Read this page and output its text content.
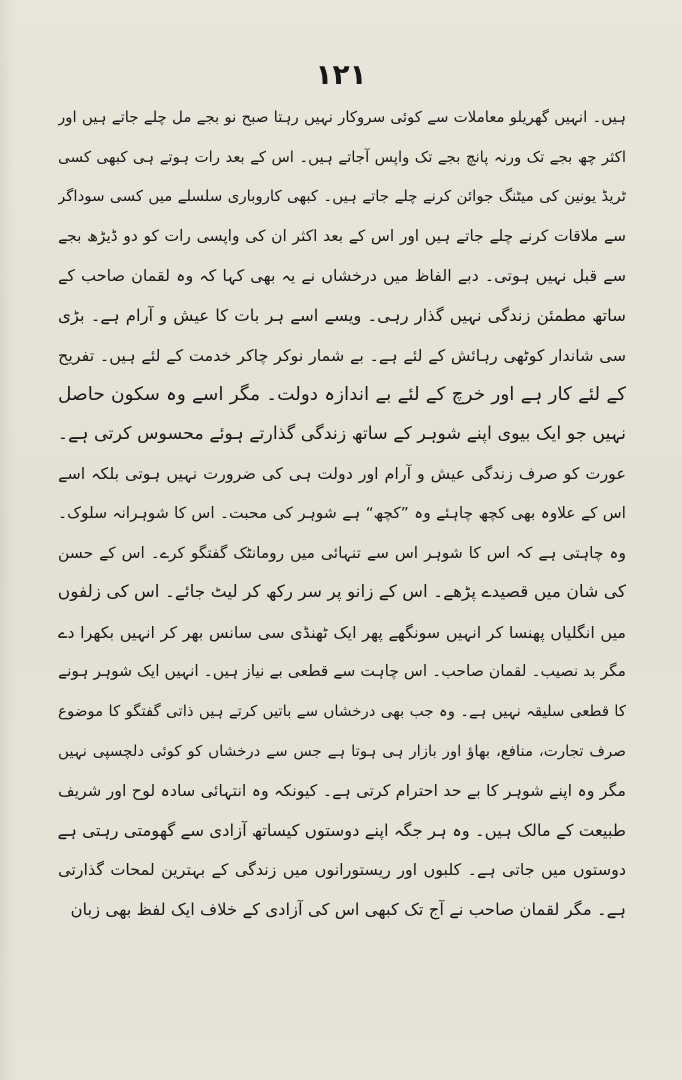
۱۲۱
ہیں۔ انہیں گھریلو معاملات سے کوئی سروکار نہیں رہتا صبح نو بجے مل چلے جاتے ہیں اور
اکثر چھ بجے تک ورنہ پانچ بجے تک واپس آجاتے ہیں۔ اس کے بعد رات ہوتے ہی کبھی کسی
ٹریڈ یونین کی میٹنگ جوائن کرنے چلے جاتے ہیں۔ کبھی کاروباری سلسلے میں کسی سوداگر
سے ملاقات کرنے چلے جاتے ہیں اور اس کے بعد اکثر ان کی واپسی رات کو دو ڈیڑھ بجے
سے قبل نہیں ہوتی۔ دبے الفاظ میں درخشاں نے یہ بھی کہا کہ وہ لقمان صاحب کے
ساتھ مطمئن زندگی نہیں گذار رہی۔ ویسے اسے ہر بات کا عیش و آرام ہے۔ بڑی
سی شاندار کوٹھی رہائش کے لئے ہے۔ بے شمار نوکر چاکر خدمت کے لئے ہیں۔ تفریح
کے لئے کار ہے اور خرچ کے لئے بے اندازہ دولت۔ مگر اسے وہ سکون حاصل
نہیں جو ایک بیوی اپنے شوہر کے ساتھ زندگی گذارتے ہوئے محسوس کرتی ہے۔
عورت کو صرف زندگی عیش و آرام اور دولت ہی کی ضرورت نہیں ہوتی بلکہ اسے
اس کے علاوہ بھی کچھ چاہئے وہ ”کچھ“ ہے شوہر کی محبت۔ اس کا شوہرانہ سلوک۔
وہ چاہتی ہے کہ اس کا شوہر اس سے تنہائی میں رومانٹک گفتگو کرے۔ اس کے حسن
کی شان میں قصیدے پڑھے۔ اس کے زانو پر سر رکھ کر لیٹ جائے۔ اس کی زلفوں
میں انگلیاں پھنسا کر انہیں سونگھے پھر ایک ٹھنڈی سی سانس بھر کر انہیں بکھرا دے
مگر بد نصیب۔ لقمان صاحب۔ اس چاہت سے قطعی بے نیاز ہیں۔ انہیں ایک شوہر ہونے
کا قطعی سلیقہ نہیں ہے۔ وہ جب بھی درخشاں سے باتیں کرتے ہیں ذاتی گفتگو کا موضوع
صرف تجارت، منافع، بھاؤ اور بازار ہی ہوتا ہے جس سے درخشاں کو کوئی دلچسپی نہیں
مگر وہ اپنے شوہر کا بے حد احترام کرتی ہے۔ کیونکہ وہ انتہائی سادہ لوح اور شریف
طبیعت کے مالک ہیں۔ وہ ہر جگہ اپنے دوستوں کیساتھ آزادی سے گھومتی رہتی ہے
دوستوں میں جاتی ہے۔ کلبوں اور ریستورانوں میں زندگی کے بہترین لمحات گذارتی
ہے۔ مگر لقمان صاحب نے آج تک کبھی اس کی آزادی کے خلاف ایک لفظ بھی زبان
